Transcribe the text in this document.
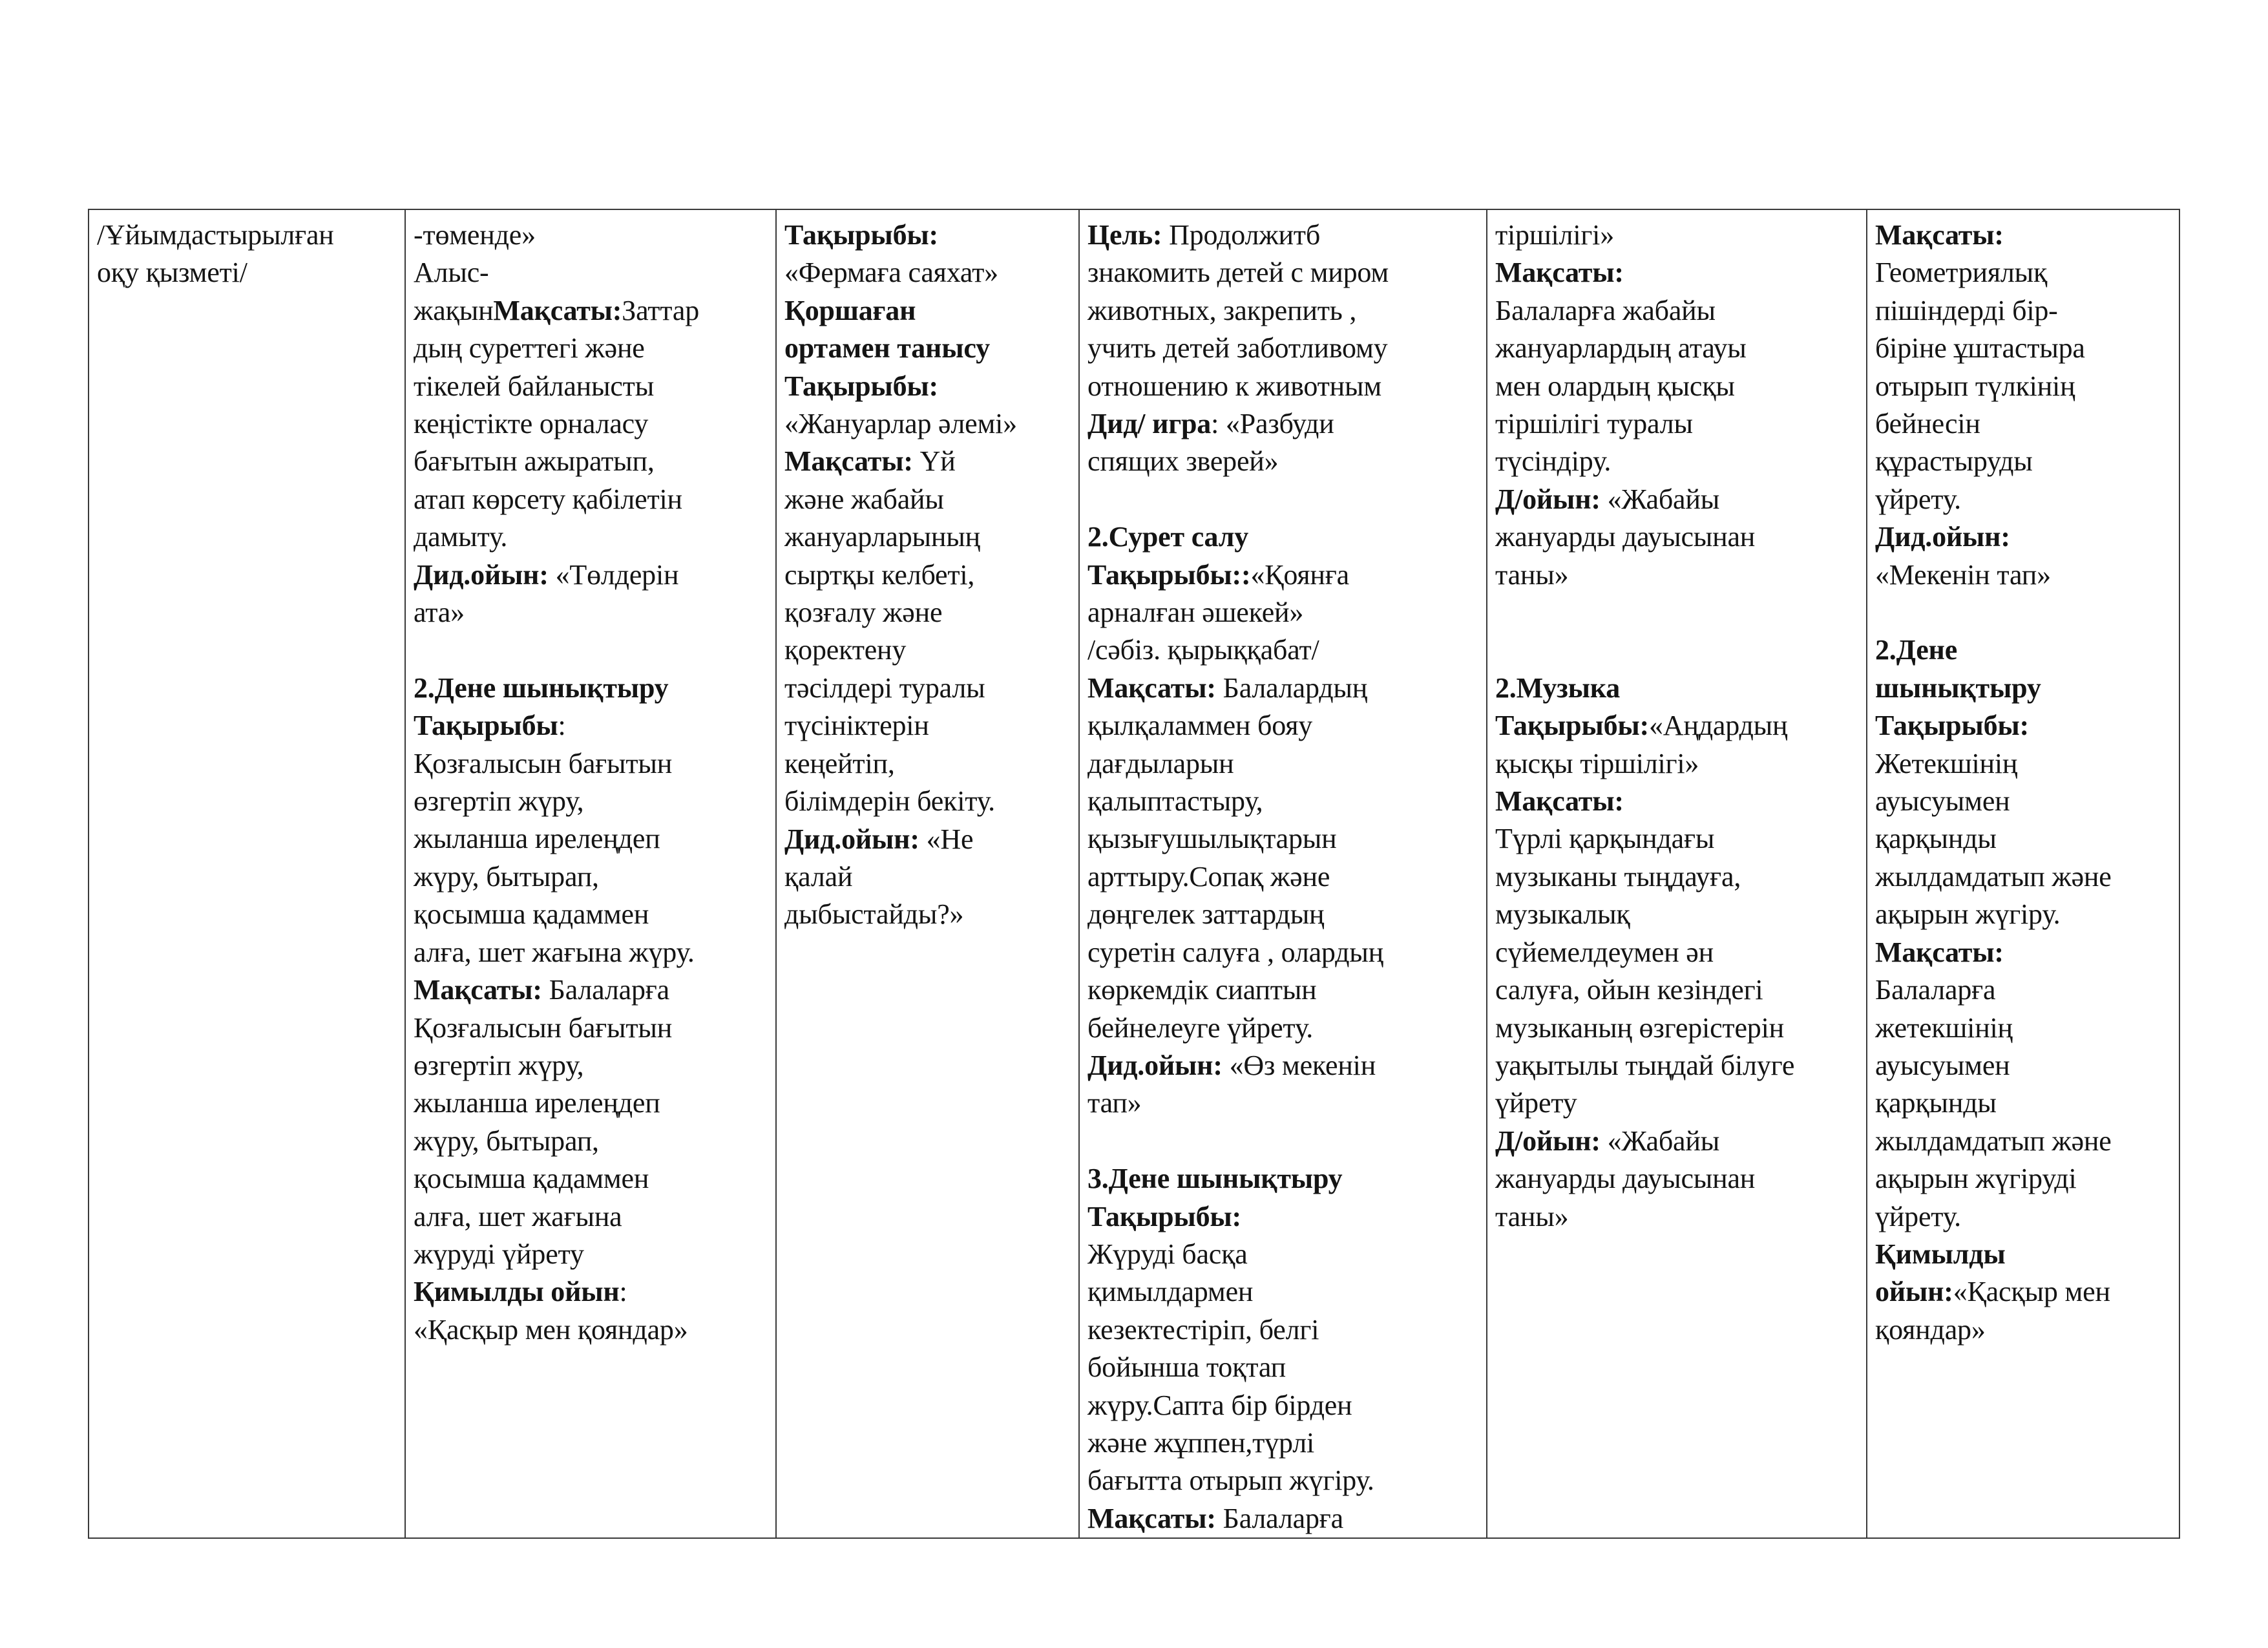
/Ұйымдастырылған
оқу қызметі/

-төменде»
Алыс-
жақынМақсаты:Заттар
дың суреттегі және
тікелей байланысты
кеңістікте орналасу
бағытын ажыратып,
атап көрсету қабілетін
дамыту.
Дид.ойын: «Төлдерін
ата»
2.Дене шынықтыру
Тақырыбы:
Қозғалысын бағытын
өзгертіп жүру,
жыланша ирелеңдеп
жүру, бытырап,
қосымша қадаммен
алға, шет жағына жүру.
Мақсаты: Балаларға
Қозғалысын бағытын
өзгертіп жүру,
жыланша ирелеңдеп
жүру, бытырап,
қосымша қадаммен
алға, шет жағына
жүруді үйрету
Қимылды ойын:
«Қасқыр мен қояндар»

Тақырыбы:
«Фермаға саяхат»
Қоршаған
ортамен танысу
Тақырыбы:
«Жануарлар әлемі»
Мақсаты: Үй
және жабайы
жануарларының
сыртқы келбеті,
қозғалу және
қоректену
тәсілдері туралы
түсініктерін
кеңейтіп,
білімдерін бекіту.
Дид.ойын: «Не
қалай
дыбыстайды?»

Цель: Продолжитб
знакомить детей с миром
животных, закрепить ,
учить детей заботливому
отношению к животным
Дид/ игра: «Разбуди
спящих зверей»
2.Сурет салу
Тақырыбы::«Қоянға
арналған әшекей»
/сәбіз. қырыққабат/
Мақсаты: Балалардың
қылқаламмен бояу
дағдыларын
қалыптастыру,
қызығушылықтарын
арттыру.Сопақ және
дөңгелек заттардың
суретін салуға , олардың
көркемдік сиаптын
бейнелеуге үйрету.
Дид.ойын: «Өз мекенін
тап»
3.Дене шынықтыру
Тақырыбы:
Жүруді басқа
қимылдармен
кезектестіріп, белгі
бойынша тоқтап
жүру.Сапта бір бірден
және жұппен,түрлі
бағытта отырып жүгіру.
Мақсаты: Балаларға

тіршілігі»
Мақсаты:
Балаларға жабайы
жануарлардың атауы
мен олардың қысқы
тіршілігі туралы
түсіндіру.
Д/ойын: «Жабайы
жануарды дауысынан
таны»
2.Музыка
Тақырыбы:«Аңдардың
қысқы тіршілігі»
Мақсаты:
Түрлі қарқындағы
музыканы тыңдауға,
музыкалық
сүйемелдеумен ән
салуға, ойын кезіндегі
музыканың өзгерістерін
уақытылы тыңдай білуге
үйрету
Д/ойын: «Жабайы
жануарды дауысынан
таны»

Мақсаты:
Геометриялық
пішіндерді бір-
біріне ұштастыра
отырып түлкінің
бейнесін
құрастыруды
үйрету.
Дид.ойын:
«Мекенін тап»
2.Дене
шынықтыру
Тақырыбы:
Жетекшінің
ауысуымен
қарқынды
жылдамдатып және
ақырын жүгіру.
Мақсаты:
Балаларға
жетекшінің
ауысуымен
қарқынды
жылдамдатып және
ақырын жүгіруді
үйрету.
Қимылды
ойын:«Қасқыр мен
қояндар»
